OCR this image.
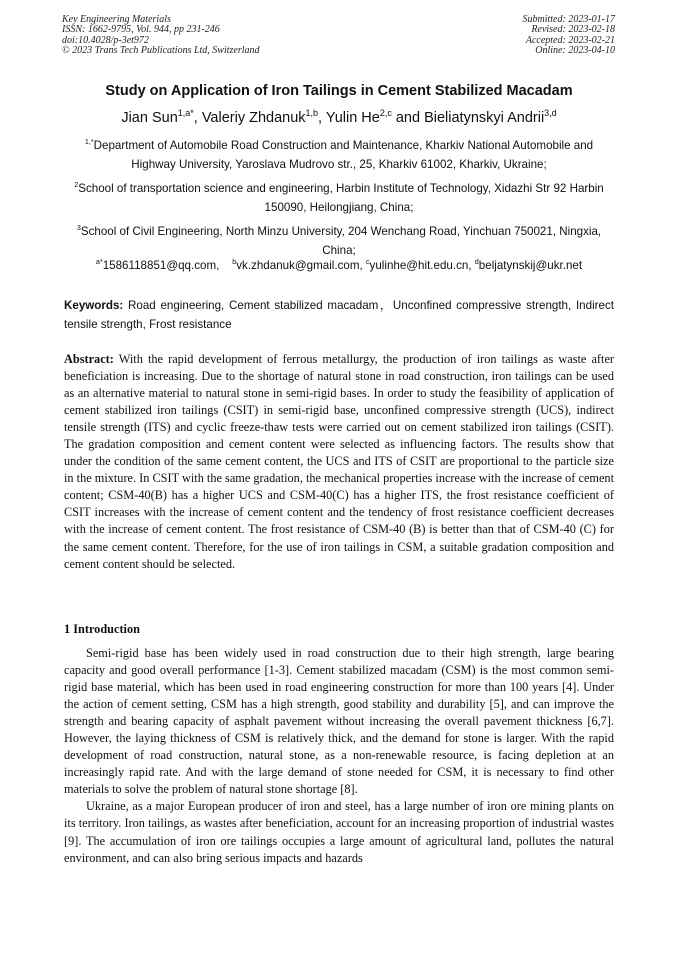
Key Engineering Materials
ISSN: 1662-9795, Vol. 944, pp 231-246
doi:10.4028/p-3et972
© 2023 Trans Tech Publications Ltd, Switzerland
Submitted: 2023-01-17
Revised: 2023-02-18
Accepted: 2023-02-21
Online: 2023-04-10
Study on Application of Iron Tailings in Cement Stabilized Macadam
Jian Sun$^{1,a*}$, Valeriy Zhdanuk$^{1,b}$, Yulin He$^{2,c}$ and Bieliatynskyi Andrii$^{3,d}$
$^{1,*}$Department of Automobile Road Construction and Maintenance, Kharkiv National Automobile and Highway University, Yaroslava Mudrovo str., 25, Kharkiv 61002, Kharkiv, Ukraine;
$^2$School of transportation science and engineering, Harbin Institute of Technology, Xidazhi Str 92 Harbin 150090, Heilongjiang, China;
$^3$School of Civil Engineering, North Minzu University, 204 Wenchang Road, Yinchuan 750021, Ningxia, China;
$^{a*}$1586118851@qq.com, $^b$vk.zhdanuk@gmail.com, $^c$yulinhe@hit.edu.cn, $^d$beljatynskij@ukr.net
Keywords: Road engineering, Cement stabilized macadam，Unconfined compressive strength, Indirect tensile strength, Frost resistance
Abstract: With the rapid development of ferrous metallurgy, the production of iron tailings as waste after beneficiation is increasing. Due to the shortage of natural stone in road construction, iron tailings can be used as an alternative material to natural stone in semi-rigid bases. In order to study the feasibility of application of cement stabilized iron tailings (CSIT) in semi-rigid base, unconfined compressive strength (UCS), indirect tensile strength (ITS) and cyclic freeze-thaw tests were carried out on cement stabilized iron tailings (CSIT). The gradation composition and cement content were selected as influencing factors. The results show that under the condition of the same cement content, the UCS and ITS of CSIT are proportional to the particle size in the mixture. In CSIT with the same gradation, the mechanical properties increase with the increase of cement content; CSM-40(B) has a higher UCS and CSM-40(C) has a higher ITS, the frost resistance coefficient of CSIT increases with the increase of cement content and the tendency of frost resistance coefficient decreases with the increase of cement content. The frost resistance of CSM-40 (B) is better than that of CSM-40 (C) for the same cement content. Therefore, for the use of iron tailings in CSM, a suitable gradation composition and cement content should be selected.
1 Introduction

Semi-rigid base has been widely used in road construction due to their high strength, large bearing capacity and good overall performance [1-3]. Cement stabilized macadam (CSM) is the most common semi-rigid base material, which has been used in road engineering construction for more than 100 years [4]. Under the action of cement setting, CSM has a high strength, good stability and durability [5], and can improve the strength and bearing capacity of asphalt pavement without increasing the overall pavement thickness [6,7]. However, the laying thickness of CSM is relatively thick, and the demand for stone is larger. With the rapid development of road construction, natural stone, as a non-renewable resource, is facing depletion at an increasingly rapid rate. And with the large demand of stone needed for CSM, it is necessary to find other materials to solve the problem of natural stone shortage [8].

Ukraine, as a major European producer of iron and steel, has a large number of iron ore mining plants on its territory. Iron tailings, as wastes after beneficiation, account for an increasing proportion of industrial wastes [9]. The accumulation of iron ore tailings occupies a large amount of agricultural land, pollutes the natural environment, and can also bring serious impacts and hazards
